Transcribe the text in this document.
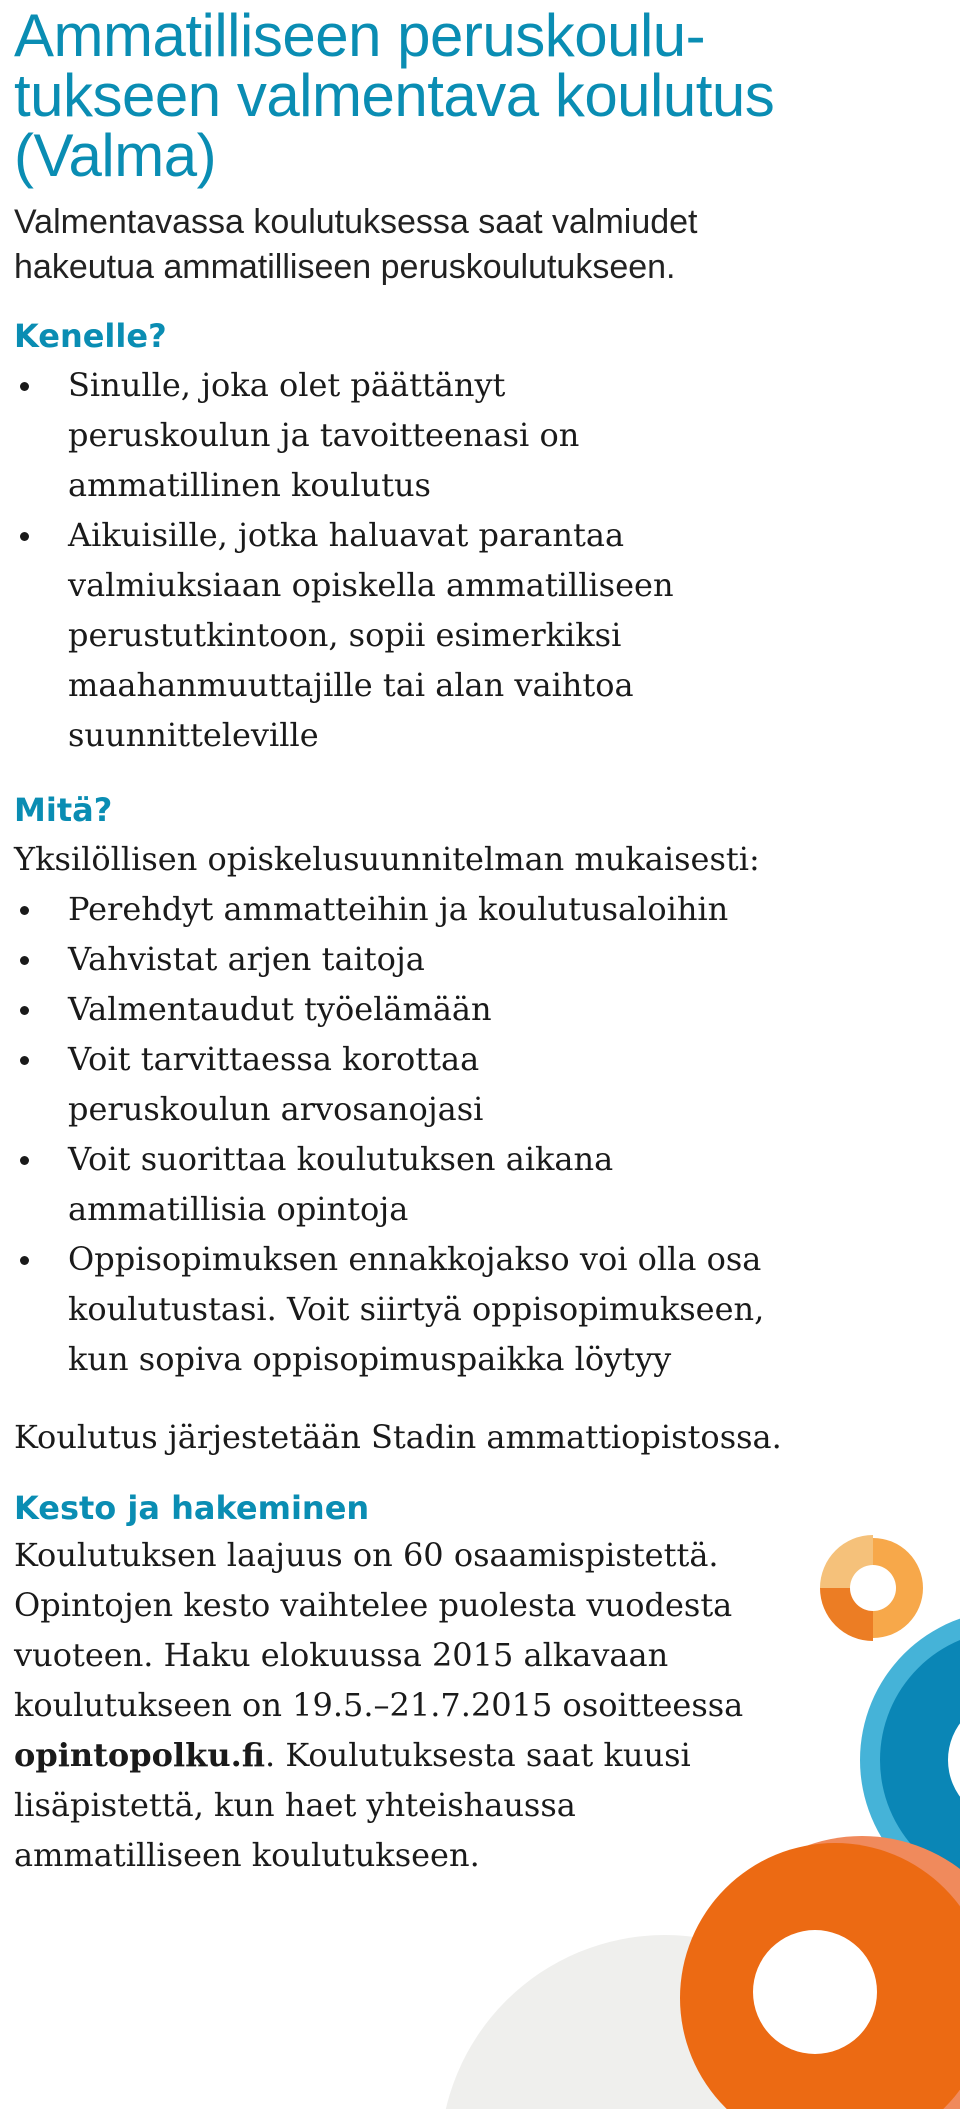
Ammatilliseen peruskoulu-tukseen valmentava koulutus (Valma)
Valmentavassa koulutuksessa saat valmiudet hakeutua ammatilliseen peruskoulutukseen.
Kenelle?
Sinulle, joka olet päättänyt peruskoulun ja tavoitteenasi on ammatillinen koulutus
Aikuisille, jotka haluavat parantaa valmiuksiaan opiskella ammatilliseen perustutkintoon, sopii esimerkiksi maahanmuuttajille tai alan vaihtoa suunnitteleville
Mitä?

Yksilöllisen opiskelusuunnitelman mukaisesti:

Perehdyt ammatteihin ja koulutusaloihin
Vahvistat arjen taitoja
Valmentaudut työelämään
Voit tarvittaessa korottaa peruskoulun arvosanojasi
Voit suorittaa koulutuksen aikana ammatillisia opintoja
Oppisopimuksen ennakkojakso voi olla osa koulutustasi. Voit siirtyä oppisopimukseen, kun sopiva oppisopimuspaikka löytyy

Koulutus järjestetään Stadin ammattiopistossa.

Kesto ja hakeminen

Koulutuksen laajuus on 60 osaamispistettä. Opintojen kesto vaihtelee puolesta vuodesta vuoteen. Haku elokuussa 2015 alkavaan koulutukseen on 19.5.–21.7.2015 osoitteessa opintopolku.fi. Koulutuksesta saat kuusi lisäpistettä, kun haet yhteishaussa ammatilliseen koulutukseen.
